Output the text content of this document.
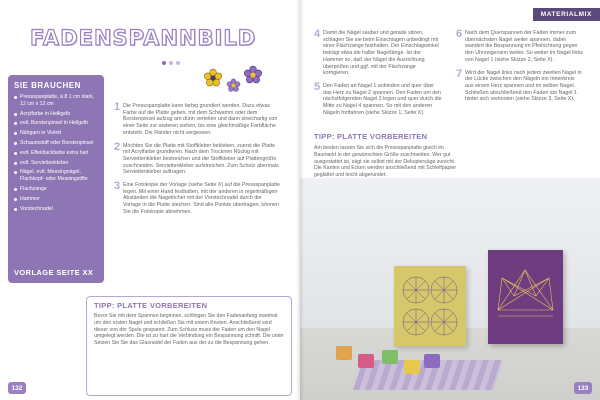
FADENSPANNBILD
SIE BRAUCHEN
Pressspanplatte, à 8 1 cm stark, 12 cm x 12 cm
Acrylfarbe in Helligelb
evtl. Borstenpinsel in Hellgelb
Nähgarn in Violett
Schaumstoff oder Borstenpinsel
evtl. Effektlackfarbe extra hart
evtl. Serviettenkleber
Nägel, evtl. Messingnägel, Flachkopf- oder Messingstifte
Flachzange
Hammer
Vorstechnadel
VORLAGE SEITE XX
1 Die Pressspanplatte kann farbig grundiert werden. Dazu etwas Farbe auf die Platte geben, mit dem Schwamm oder dem Borstenpinsel aufzug arn dünn verteilen und dann streichartig von einer Seite zur anderen ziehen, bis eine gleichmäßige Farbfläche entsteht. Die Ränder nicht vergessen.
2 Möchten Sie die Platte mit Stoffkleber bekleben, zuerst die Platte mit Acrylfarbe grundieren. Nach dem Trocknen Rückig mit Serviettenkleber bestreichen und die Stoffkleber auf Plattengröße zuschneiden. Serviettenkleber aufstreichen. Zum Schutz abermals Serviettenkleber auftragen.
3 Eine Fotokopie der Vorlage (siehe Seite X) auf die Pressspanplatte legen. Mit einer Hand festhalten, mit der anderen in regelmäßigen Abständen die Nagelöcher mit der Vorstechnadel durch die Vorlage in die Platte stechen. Sind alle Punkte übertragen, können Sie die Fotokopie abnehmen.
TIPP: PLATTE VORBEREITEN
Bevor Sie mit dem Spannen beginnen, schlingen Sie den Fadenanfang zweimal um den ersten Nagel und schließen Sie mit einem Knoten. Anschließend wird dieser von der Spule gespannt. Zum Schluss muss der Faden um den Nagel umgelegt werden. Die ist zu hart die Verbindung ein Bespannung schnitt. Die unter Setzen Sie Sie das Glasnadel der Faden aus der zu die Bespannung gehen.
132
MATERIALMIX
4 Damit die Nägel sauber und gerade sitzen, schlagen Sie sie beim Einschlagen unbedingt mit einer Flachzange festhalten. Der Einschlagwinkel beträgt etwa die halbe Nagellänge. Ist der Hammer so, daß der Nägel die Ausrichtung überprüfen und ggf. mit der Flachzange korrigieren.
5 Den Faden an Nagel 1 anbinden und quer über das Herz zu Nagel 2 spannen. Den Faden um den nächstfolgenden Nagel 3 legen und quer durch die Mitte zu Nagel 4 spannen. So mit den anderen Nägeln fortfahren (siehe Skizze 1, Seite X).
6 Nach dem Querspannen der Faden immer zum übernächsten Nagel weiter spannen, dabei wandert die Bespannung im Pfeilrichtung gegen den Uhrzeigersinn weiter. So weiter im Nagel links von Nagel 1 (siehe Skizze 2, Seite X).
7 Wird der Nagel links nach jedem zweiten Nagel in der Lücke zwischen den Nägeln ein Innenkreis aus einem Herz spannen und im selben Nagel. Schließen abschließend den Faden am Nagel 1 hinter sich verknoten (siehe Skizze 3, Seite X).
TIPP: PLATTE VORBEREITEN
Am besten lassen Sie sich die Pressspanplatte gleich im Baumarkt in der gewünschten Größe zuschneiden. Wer gut ausgestattet ist, sägt sie selbst mit der Dekupiersäge zurecht. Die Kanten und Ecken werden anschließend mit Schleifpapier geglättet und leicht abgerundet.
133
